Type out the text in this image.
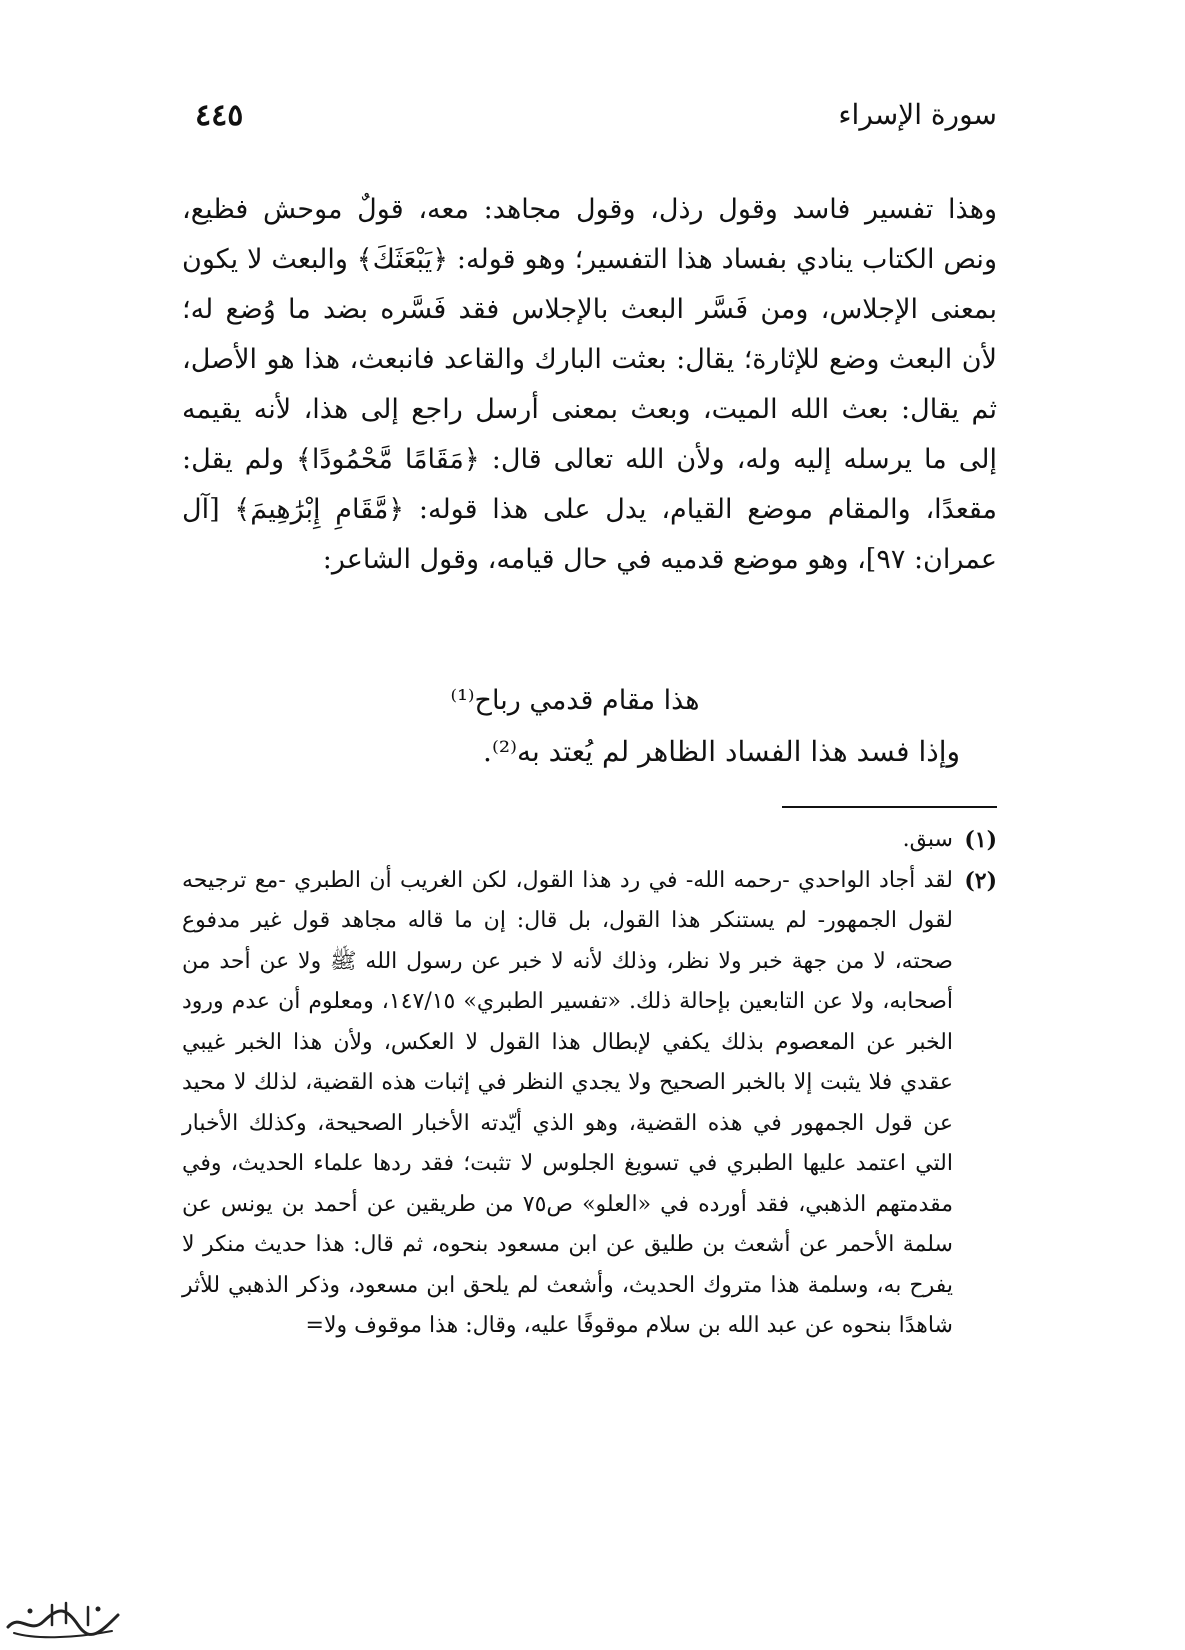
سورة الإسراء
٤٤٥

وهذا تفسير فاسد وقول رذل، وقول مجاهد: معه، قولٌ موحش فظيع، ونص الكتاب ينادي بفساد هذا التفسير؛ وهو قوله: ﴿يَبْعَثَكَ﴾ والبعث لا يكون بمعنى الإجلاس، ومن فَسَّر البعث بالإجلاس فقد فَسَّره بضد ما وُضع له؛ لأن البعث وضع للإثارة؛ يقال: بعثت البارك والقاعد فانبعث، هذا هو الأصل، ثم يقال: بعث الله الميت، وبعث بمعنى أرسل راجع إلى هذا، لأنه يقيمه إلى ما يرسله إليه وله، ولأن الله تعالى قال: ﴿مَقَامًا مَّحْمُودًا﴾ ولم يقل: مقعدًا، والمقام موضع القيام، يدل على هذا قوله: ﴿مَّقَامِ إِبْرَٰهِيمَ﴾ [آل عمران: ٩٧]، وهو موضع قدميه في حال قيامه، وقول الشاعر:

هذا مقام قدمي رباح⁽¹⁾
وإذا فسد هذا الفساد الظاهر لم يُعتد به⁽²⁾.
(١)
سبق.
(٢)
لقد أجاد الواحدي -رحمه الله- في رد هذا القول، لكن الغريب أن الطبري -مع ترجيحه لقول الجمهور- لم يستنكر هذا القول، بل قال: إن ما قاله مجاهد قول غير مدفوع صحته، لا من جهة خبر ولا نظر، وذلك لأنه لا خبر عن رسول الله ﷺ ولا عن أحد من أصحابه، ولا عن التابعين بإحالة ذلك. «تفسير الطبري» ١٤٧/١٥، ومعلوم أن عدم ورود الخبر عن المعصوم بذلك يكفي لإبطال هذا القول لا العكس، ولأن هذا الخبر غيبي عقدي فلا يثبت إلا بالخبر الصحيح ولا يجدي النظر في إثبات هذه القضية، لذلك لا محيد عن قول الجمهور في هذه القضية، وهو الذي أيّدته الأخبار الصحيحة، وكذلك الأخبار التي اعتمد عليها الطبري في تسويغ الجلوس لا تثبت؛ فقد ردها علماء الحديث، وفي مقدمتهم الذهبي، فقد أورده في «العلو» ص٧٥ من طريقين عن أحمد بن يونس عن سلمة الأحمر عن أشعث بن طليق عن ابن مسعود بنحوه، ثم قال: هذا حديث منكر لا يفرح به، وسلمة هذا متروك الحديث، وأشعث لم يلحق ابن مسعود، وذكر الذهبي للأثر شاهدًا بنحوه عن عبد الله بن سلام موقوفًا عليه، وقال: هذا موقوف ولا=
